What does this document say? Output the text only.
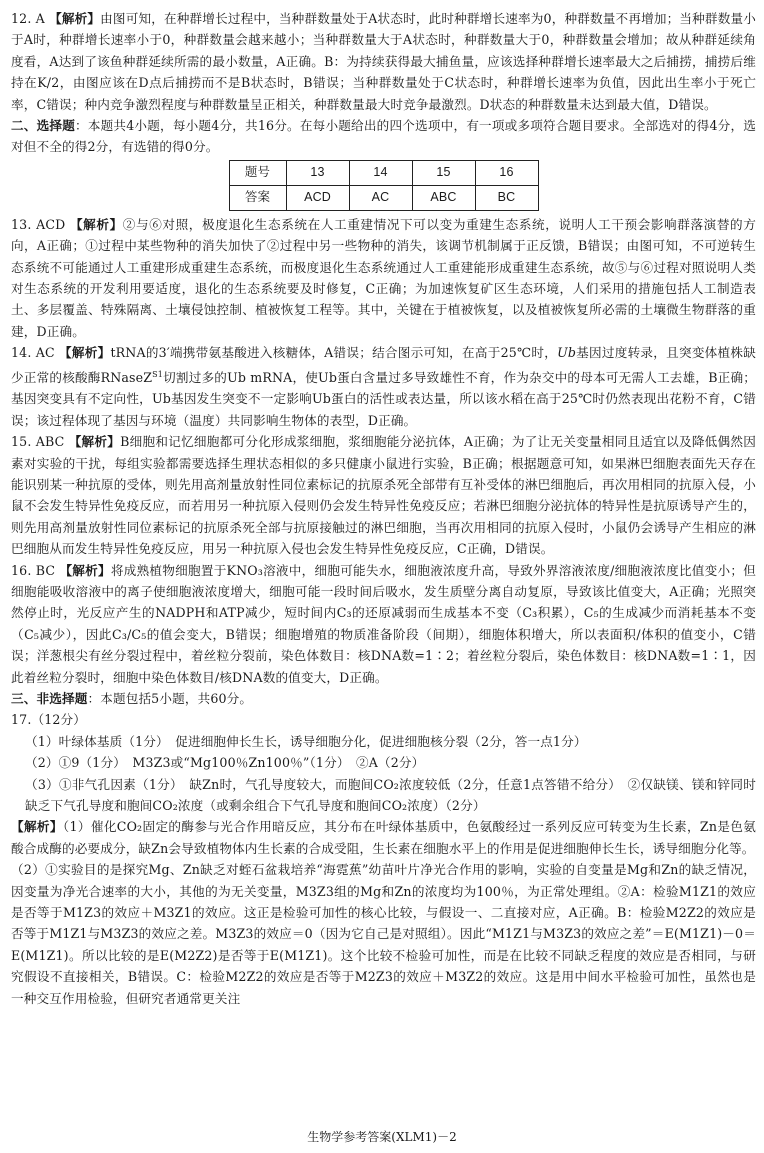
12. A 【解析】由图可知，在种群增长过程中，当种群数量处于A状态时，此时种群增长速率为0，种群数量不再增加；当种群数量小于A时，种群增长速率小于0，种群数量会越来越小；当种群数量大于A状态时，种群数量大于0，种群数量会增加；故从种群延续角度看，A达到了该鱼种群延续所需的最小数量，A正确。B：为持续获得最大捕鱼量，应该选择种群增长速率最大之后捕捞，捕捞后维持在K/2，由图应该在D点后捕捞而不是B状态时，B错误；当种群数量处于C状态时，种群增长速率为负值，因此出生率小于死亡率，C错误；种内竞争激烈程度与种群数量呈正相关，种群数量最大时竞争最激烈。D状态的种群数量未达到最大值，D错误。

二、选择题：本题共4小题，每小题4分，共16分。在每小题给出的四个选项中，有一项或多项符合题目要求。全部选对的得4分，选对但不全的得2分，有选错的得0分。

题号	13	14	15	16
答案	ACD	AC	ABC	BC

13. ACD 【解析】②与⑥对照，极度退化生态系统在人工重建情况下可以变为重建生态系统，说明人工干预会影响群落演替的方向，A正确；①过程中某些物种的消失加快了②过程中另一些物种的消失，该调节机制属于正反馈，B错误；由图可知，不可逆转生态系统不可能通过人工重建形成重建生态系统，而极度退化生态系统通过人工重建能形成重建生态系统，故⑤与⑥过程对照说明人类对生态系统的开发利用要适度，退化的生态系统要及时修复，C正确；为加速恢复矿区生态环境，人们采用的措施包括人工制造表土、多层覆盖、特殊隔离、土壤侵蚀控制、植被恢复工程等。其中，关键在于植被恢复，以及植被恢复所必需的土壤微生物群落的重建，D正确。

14. AC 【解析】tRNA的3′端携带氨基酸进入核糖体，A错误；结合图示可知，在高于25℃时，Ub基因过度转录，且突变体植株缺少正常的核酸酶RNaseZ$^{S1}$切割过多的Ub mRNA，使Ub蛋白含量过多导致雄性不育，作为杂交中的母本可无需人工去雄，B正确；基因突变具有不定向性，Ub基因发生突变不一定影响Ub蛋白的活性或表达量，所以该水稻在高于25℃时仍然表现出花粉不育，C错误；该过程体现了基因与环境（温度）共同影响生物体的表型，D正确。

15. ABC 【解析】B细胞和记忆细胞都可分化形成浆细胞，浆细胞能分泌抗体，A正确；为了让无关变量相同且适宜以及降低偶然因素对实验的干扰，每组实验都需要选择生理状态相似的多只健康小鼠进行实验，B正确；根据题意可知，如果淋巴细胞表面先天存在能识别某一种抗原的受体，则先用高剂量放射性同位素标记的抗原杀死全部带有互补受体的淋巴细胞后，再次用相同的抗原入侵，小鼠不会发生特异性免疫反应，而若用另一种抗原入侵则仍会发生特异性免疫反应；若淋巴细胞分泌抗体的特异性是抗原诱导产生的，则先用高剂量放射性同位素标记的抗原杀死全部与抗原接触过的淋巴细胞，当再次用相同的抗原入侵时，小鼠仍会诱导产生相应的淋巴细胞从而发生特异性免疫反应，用另一种抗原入侵也会发生特异性免疫反应，C正确，D错误。

16. BC 【解析】将成熟植物细胞置于KNO₃溶液中，细胞可能失水，细胞液浓度升高，导致外界溶液浓度/细胞液浓度比值变小；但细胞能吸收溶液中的离子使细胞液浓度增大，细胞可能一段时间后吸水，发生质壁分离自动复原，导致该比值变大，A正确；光照突然停止时，光反应产生的NADPH和ATP减少，短时间内C₃的还原减弱而生成基本不变（C₃积累），C₅的生成减少而消耗基本不变（C₅减少），因此C₃/C₅的值会变大，B错误；细胞增殖的物质准备阶段（间期），细胞体积增大，所以表面积/体积的值变小，C错误；洋葱根尖有丝分裂过程中，着丝粒分裂前，染色体数目：核DNA数=1∶2；着丝粒分裂后，染色体数目：核DNA数=1∶1，因此着丝粒分裂时，细胞中染色体数目/核DNA数的值变大，D正确。

三、非选择题：本题包括5小题，共60分。

17.（12分）

（1）叶绿体基质（1分）　促进细胞伸长生长，诱导细胞分化，促进细胞核分裂（2分，答一点1分）

（2）①9（1分）　M3Z3或“Mg100％Zn100％”（1分）　②A（2分）

（3）①非气孔因素（1分）　缺Zn时，气孔导度较大，而胞间CO₂浓度较低（2分，任意1点答错不给分）　②仅缺镁、镁和锌同时缺乏下气孔导度和胞间CO₂浓度（或剩余组合下气孔导度和胞间CO₂浓度）（2分）

【解析】（1）催化CO₂固定的酶参与光合作用暗反应，其分布在叶绿体基质中，色氨酸经过一系列反应可转变为生长素，Zn是色氨酸合成酶的必要成分，缺Zn会导致植物体内生长素的合成受阻，生长素在细胞水平上的作用是促进细胞伸长生长，诱导细胞分化等。

（2）①实验目的是探究Mg、Zn缺乏对蛭石盆栽培养“海霓蕉”幼苗叶片净光合作用的影响，实验的自变量是Mg和Zn的缺乏情况，因变量为净光合速率的大小，其他的为无关变量，M3Z3组的Mg和Zn的浓度均为100％，为正常处理组。②A：检验M1Z1的效应是否等于M1Z3的效应＋M3Z1的效应。这正是检验可加性的核心比较，与假设一、二直接对应，A正确。B：检验M2Z2的效应是否等于M1Z1与M3Z3的效应之差。M3Z3的效应＝0（因为它自己是对照组）。因此“M1Z1与M3Z3的效应之差”＝E(M1Z1)－0＝E(M1Z1)。所以比较的是E(M2Z2)是否等于E(M1Z1)。这个比较不检验可加性，而是在比较不同缺乏程度的效应是否相同，与研究假设不直接相关，B错误。C：检验M2Z2的效应是否等于M2Z3的效应＋M3Z2的效应。这是用中间水平检验可加性，虽然也是一种交互作用检验，但研究者通常更关注

生物学参考答案(XLM1)－2
